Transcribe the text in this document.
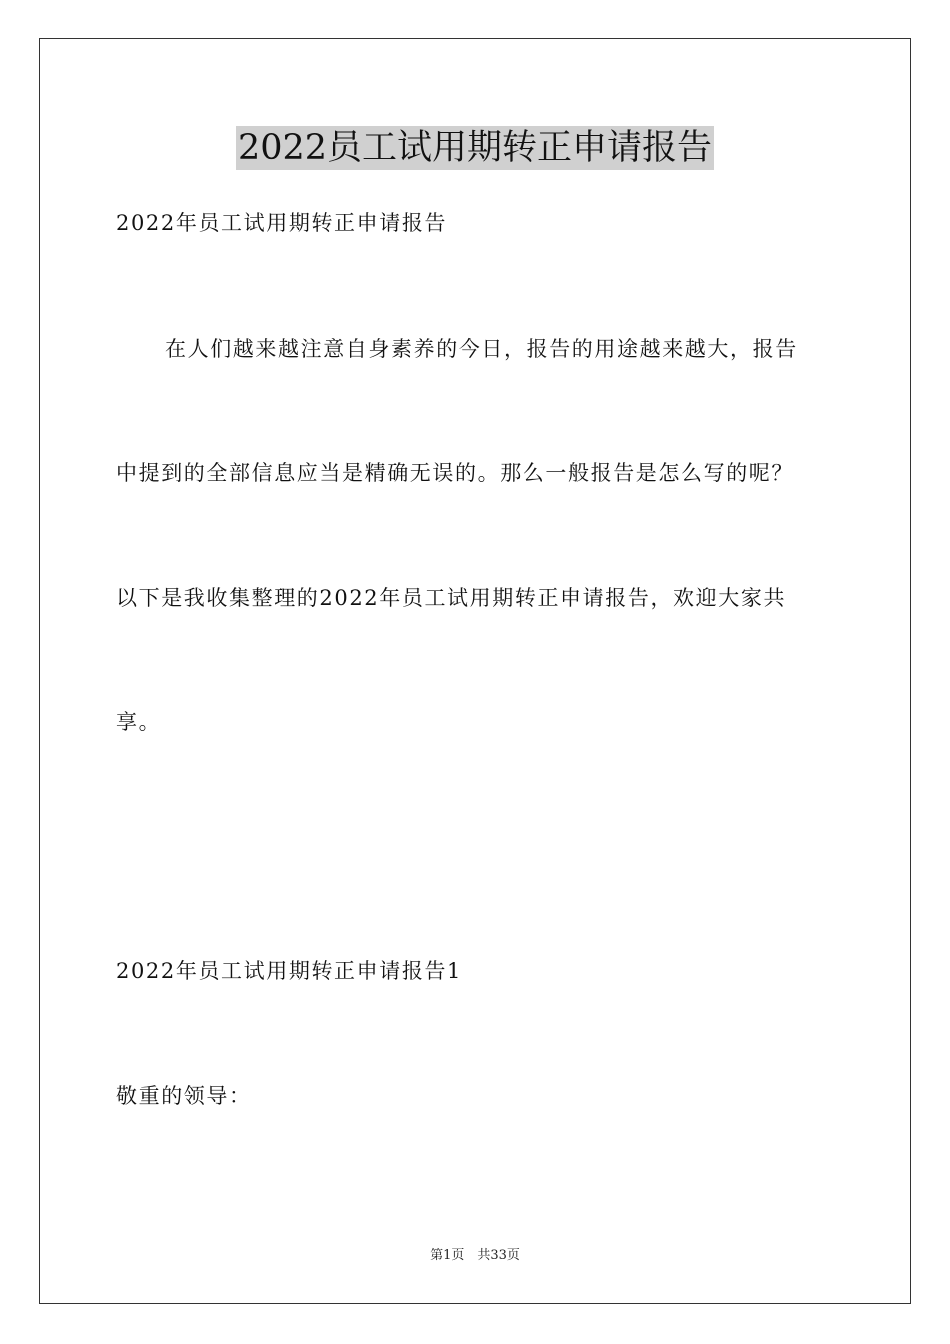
2022员工试用期转正申请报告

2022年员工试用期转正申请报告

在人们越来越注意自身素养的今日，报告的用途越来越大，报告

中提到的全部信息应当是精确无误的。那么一般报告是怎么写的呢？

以下是我收集整理的2022年员工试用期转正申请报告，欢迎大家共

享。

2022年员工试用期转正申请报告1

敬重的领导：

第1页　共33页
